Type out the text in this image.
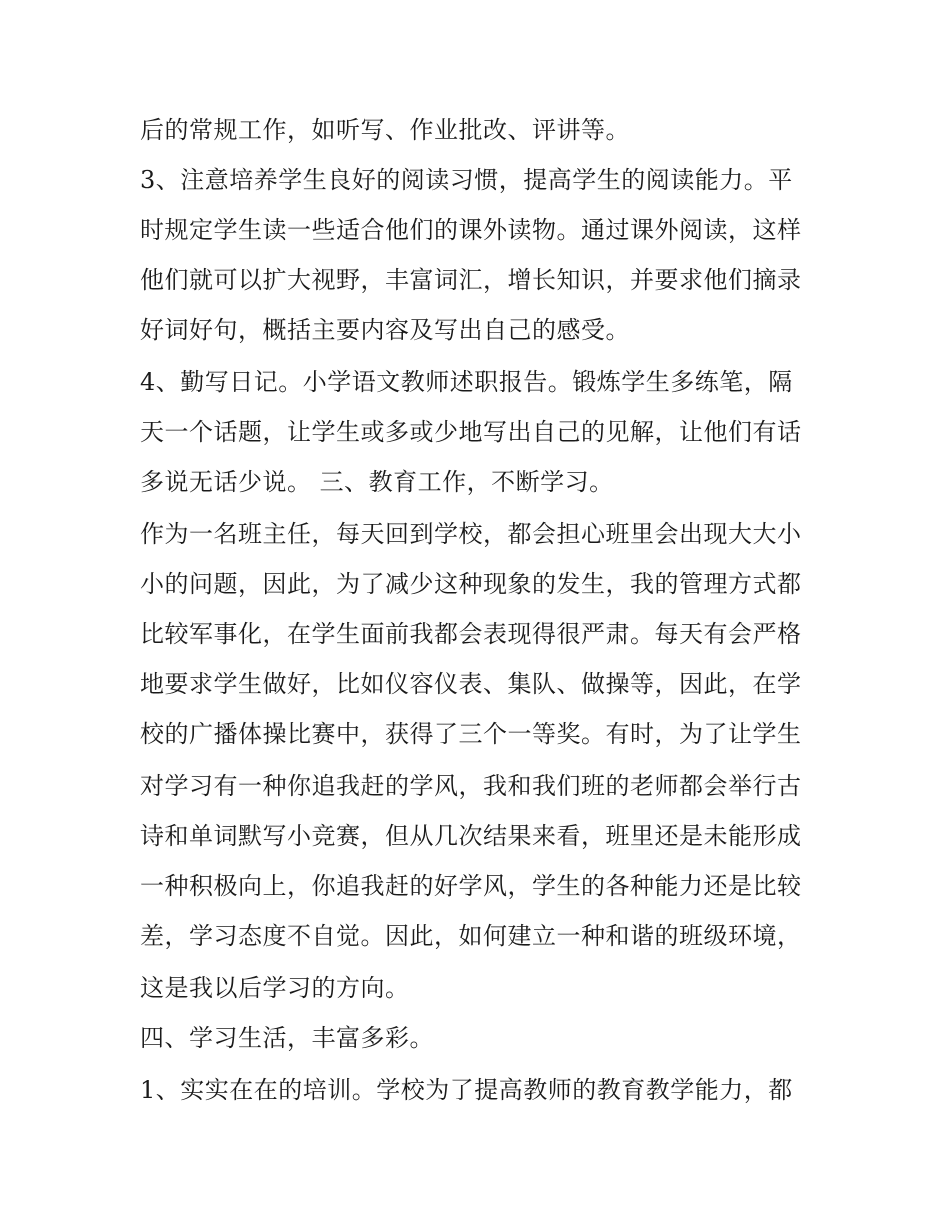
后的常规工作，如听写、作业批改、评讲等。
3、注意培养学生良好的阅读习惯，提高学生的阅读能力。平
时规定学生读一些适合他们的课外读物。通过课外阅读，这样
他们就可以扩大视野，丰富词汇，增长知识，并要求他们摘录
好词好句，概括主要内容及写出自己的感受。
4、勤写日记。小学语文教师述职报告。锻炼学生多练笔，隔
天一个话题，让学生或多或少地写出自己的见解，让他们有话
多说无话少说。 三、教育工作，不断学习。
作为一名班主任，每天回到学校，都会担心班里会出现大大小
小的问题，因此，为了减少这种现象的发生，我的管理方式都
比较军事化，在学生面前我都会表现得很严肃。每天有会严格
地要求学生做好，比如仪容仪表、集队、做操等，因此，在学
校的广播体操比赛中，获得了三个一等奖。有时，为了让学生
对学习有一种你追我赶的学风，我和我们班的老师都会举行古
诗和单词默写小竞赛，但从几次结果来看，班里还是未能形成
一种积极向上，你追我赶的好学风，学生的各种能力还是比较
差，学习态度不自觉。因此，如何建立一种和谐的班级环境，
这是我以后学习的方向。
四、学习生活，丰富多彩。
1、实实在在的培训。学校为了提高教师的教育教学能力，都
